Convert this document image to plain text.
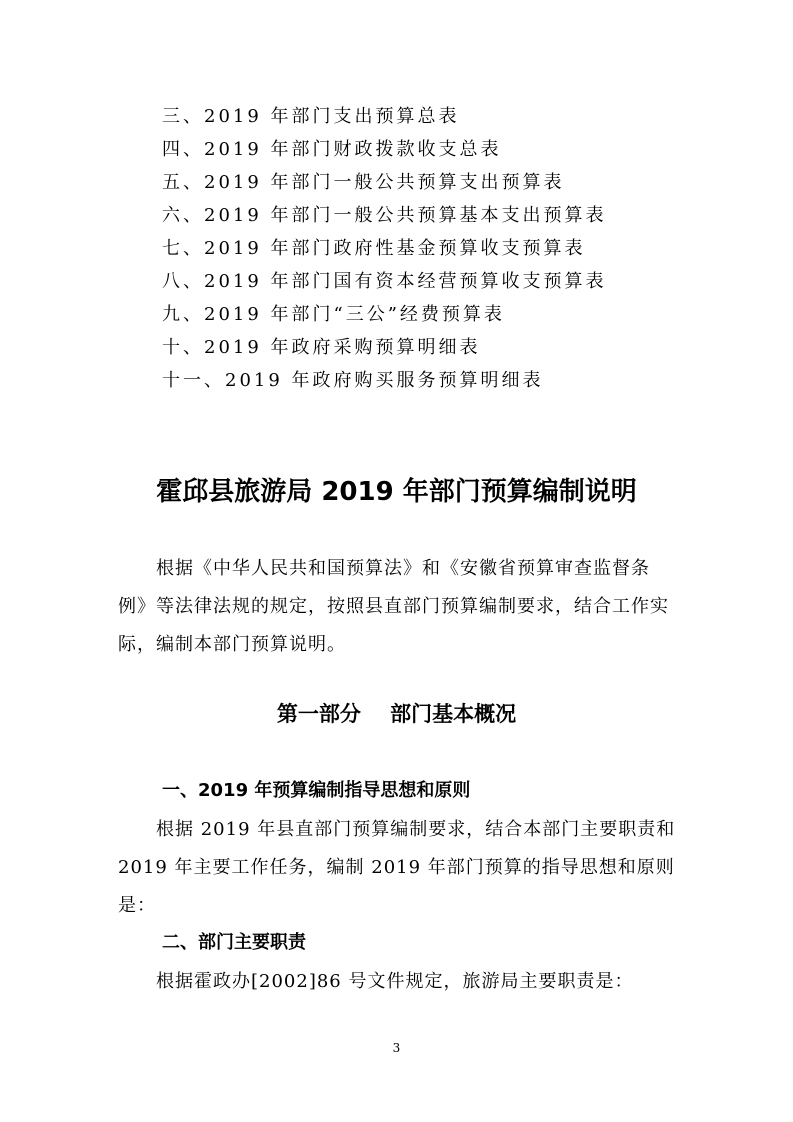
三、2019 年部门支出预算总表
四、2019 年部门财政拨款收支总表
五、2019 年部门一般公共预算支出预算表
六、2019 年部门一般公共预算基本支出预算表
七、2019 年部门政府性基金预算收支预算表
八、2019 年部门国有资本经营预算收支预算表
九、2019 年部门“三公”经费预算表
十、2019 年政府采购预算明细表
十一、2019 年政府购买服务预算明细表
霍邱县旅游局 2019 年部门预算编制说明
根据《中华人民共和国预算法》和《安徽省预算审查监督条例》等法律法规的规定，按照县直部门预算编制要求，结合工作实际，编制本部门预算说明。
第一部分    部门基本概况
一、2019 年预算编制指导思想和原则
根据 2019 年县直部门预算编制要求，结合本部门主要职责和 2019 年主要工作任务，编制 2019 年部门预算的指导思想和原则是：
二、部门主要职责
根据霍政办[2002]86 号文件规定，旅游局主要职责是：
3
